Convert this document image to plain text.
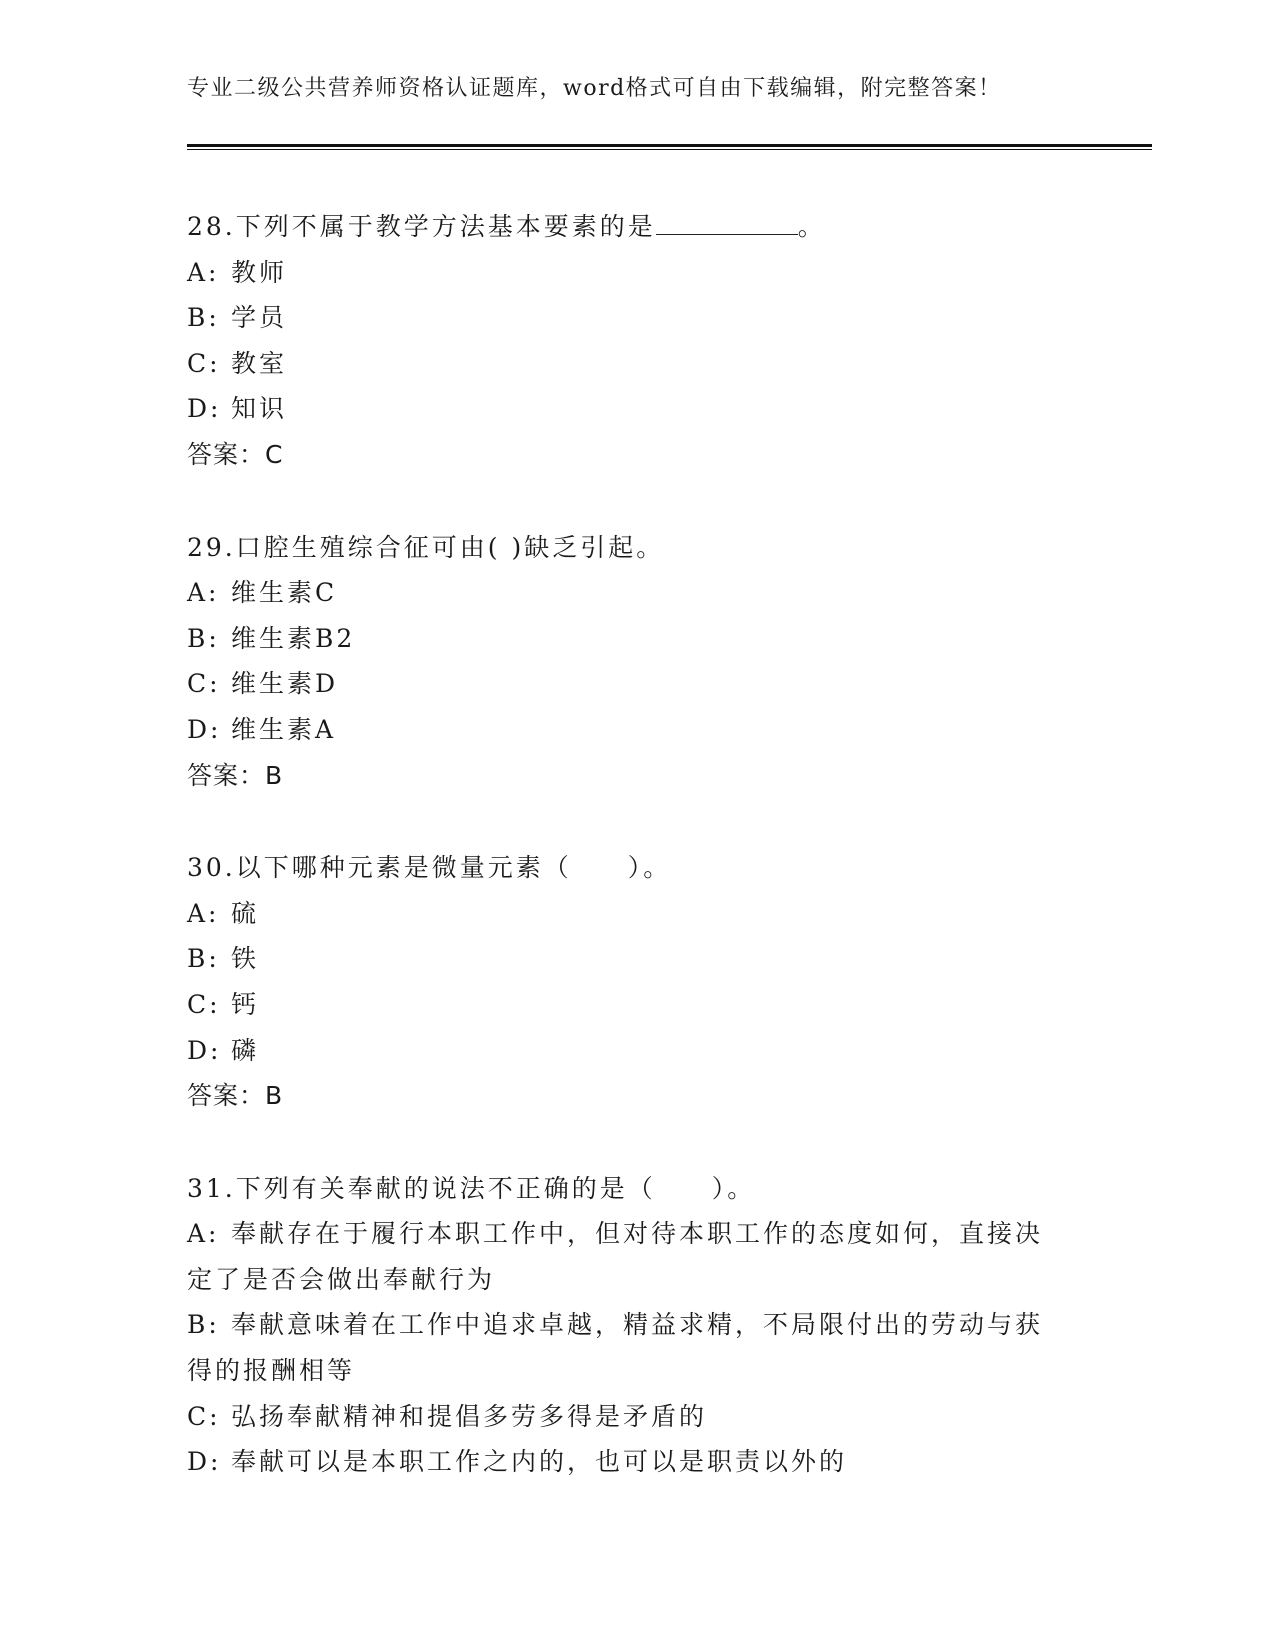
专业二级公共营养师资格认证题库，word格式可自由下载编辑，附完整答案！
28.下列不属于教学方法基本要素的是	。
A: 教师
B: 学员
C: 教室
D: 知识
答案：C
29.口腔生殖综合征可由( )缺乏引起。
A: 维生素C
B: 维生素B2
C: 维生素D
D: 维生素A
答案：B
30.以下哪种元素是微量元素（　　）。
A: 硫
B: 铁
C: 钙
D: 磷
答案：B
31.下列有关奉献的说法不正确的是（　　）。
A: 奉献存在于履行本职工作中，但对待本职工作的态度如何，直接决定了是否会做出奉献行为
B: 奉献意味着在工作中追求卓越，精益求精，不局限付出的劳动与获得的报酬相等
C: 弘扬奉献精神和提倡多劳多得是矛盾的
D: 奉献可以是本职工作之内的，也可以是职责以外的
